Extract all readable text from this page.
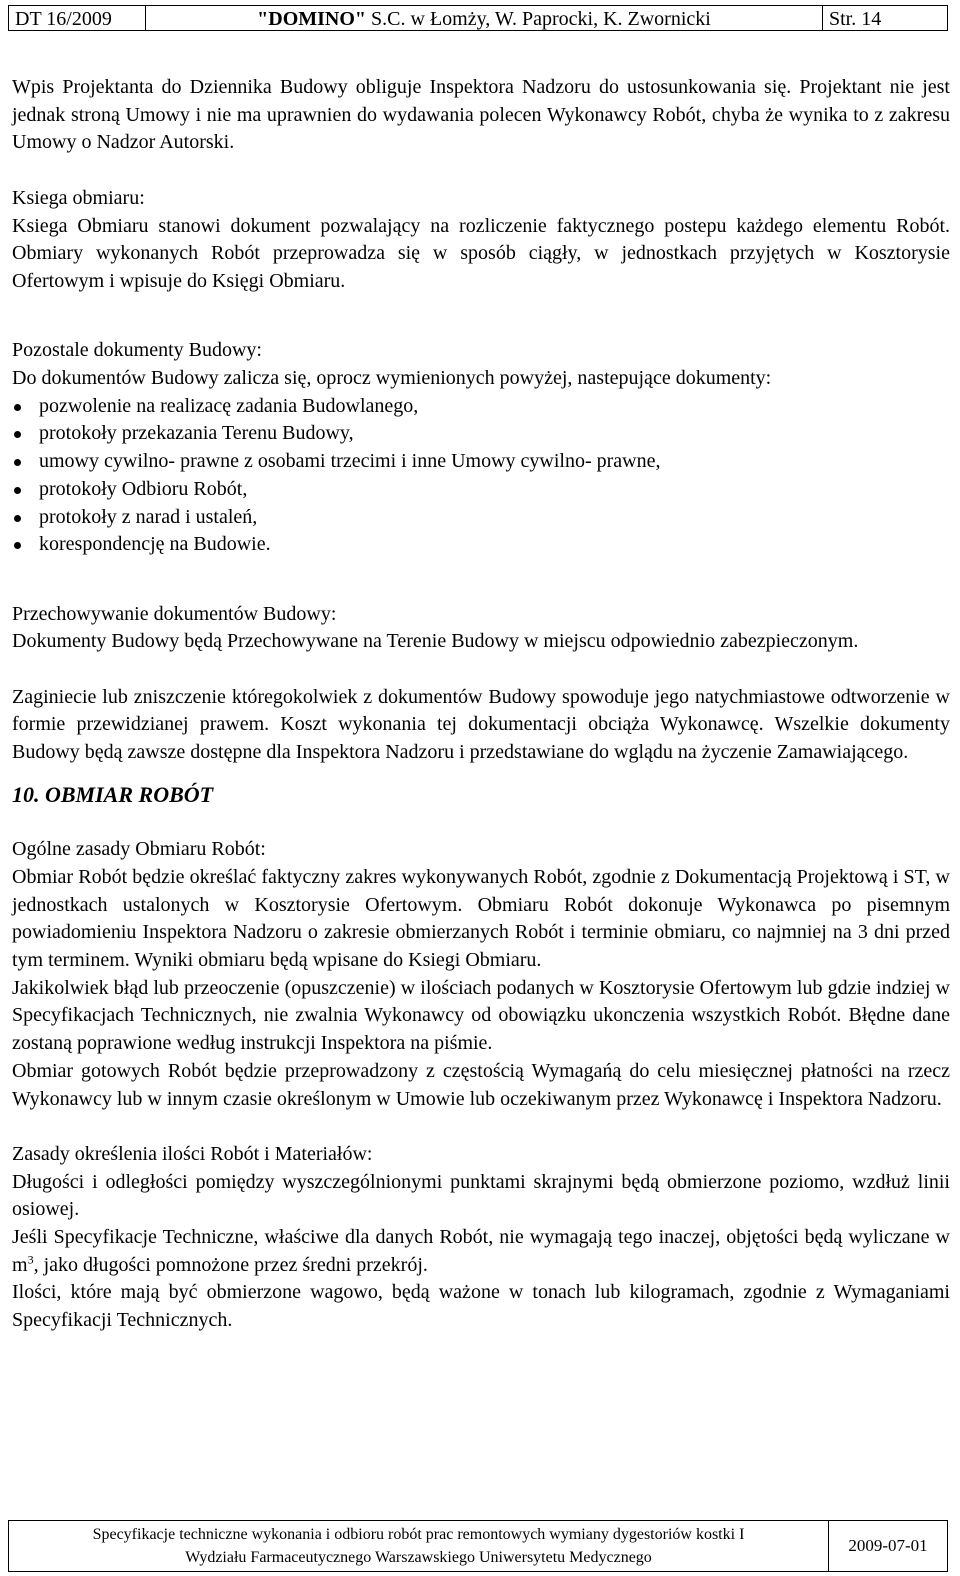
DT 16/2009	"DOMINO" S.C. w Łomży, W. Paprocki, K. Zwornicki	Str. 14

Wpis Projektanta do Dziennika Budowy obliguje Inspektora Nadzoru do ustosunkowania się. Projektant nie jest jednak stroną Umowy i nie ma uprawnien do wydawania polecen Wykonawcy Robót, chyba że wynika to z zakresu Umowy o Nadzor Autorski.

Ksiega obmiaru:

Ksiega Obmiaru stanowi dokument pozwalający na rozliczenie faktycznego postepu każdego elementu Robót. Obmiary wykonanych Robót przeprowadza się w sposób ciągły, w jednostkach przyjętych w Kosztorysie Ofertowym i wpisuje do Księgi Obmiaru.

Pozostale dokumenty Budowy:

Do dokumentów Budowy zalicza się, oprocz wymienionych powyżej, nastepujące dokumenty:

pozwolenie na realizacę zadania Budowlanego,
protokoły przekazania Terenu Budowy,
umowy cywilno- prawne z osobami trzecimi i inne Umowy cywilno- prawne,
protokoły Odbioru Robót,
protokoły z narad i ustaleń,
korespondencję na Budowie.

Przechowywanie dokumentów Budowy:

Dokumenty Budowy będą Przechowywane na Terenie Budowy w miejscu odpowiednio zabezpieczonym.

Zaginiecie lub zniszczenie któregokolwiek z dokumentów Budowy spowoduje jego natychmiastowe odtworzenie w formie przewidzianej prawem. Koszt wykonania tej dokumentacji obciąża Wykonawcę. Wszelkie dokumenty Budowy będą zawsze dostępne dla Inspektora Nadzoru i przedstawiane do wglądu na życzenie Zamawiającego.

10. OBMIAR ROBÓT

Ogólne zasady Obmiaru Robót:

Obmiar Robót będzie określać faktyczny zakres wykonywanych Robót, zgodnie z Dokumentacją Projektową i ST, w jednostkach ustalonych w Kosztorysie Ofertowym. Obmiaru Robót dokonuje Wykonawca po pisemnym powiadomieniu Inspektora Nadzoru o zakresie obmierzanych Robót i terminie obmiaru, co najmniej na 3 dni przed tym terminem. Wyniki obmiaru będą wpisane do Ksiegi Obmiaru.

Jakikolwiek błąd lub przeoczenie (opuszczenie) w ilościach podanych w Kosztorysie Ofertowym lub gdzie indziej w Specyfikacjach Technicznych, nie zwalnia Wykonawcy od obowiązku ukonczenia wszystkich Robót. Błędne dane zostaną poprawione według instrukcji Inspektora na piśmie.

Obmiar gotowych Robót będzie przeprowadzony z częstością Wymagańą do celu miesięcznej płatności na rzecz Wykonawcy lub w innym czasie określonym w Umowie lub oczekiwanym przez Wykonawcę i Inspektora Nadzoru.

Zasady określenia ilości Robót i Materiałów:

Długości i odległości pomiędzy wyszczególnionymi punktami skrajnymi będą obmierzone poziomo, wzdłuż linii osiowej.

Jeśli Specyfikacje Techniczne, właściwe dla danych Robót, nie wymagają tego inaczej, objętości będą wyliczane w $m^3$, jako długości pomnożone przez średni przekrój.

Ilości, które mają być obmierzone wagowo, będą ważone w tonach lub kilogramach, zgodnie z Wymaganiami Specyfikacji Technicznych.

Specyfikacje techniczne wykonania i odbioru robót prac remontowych wymiany dygestoriów kostki I
Wydziału Farmaceutycznego Warszawskiego Uniwersytetu Medycznego
2009-07-01
